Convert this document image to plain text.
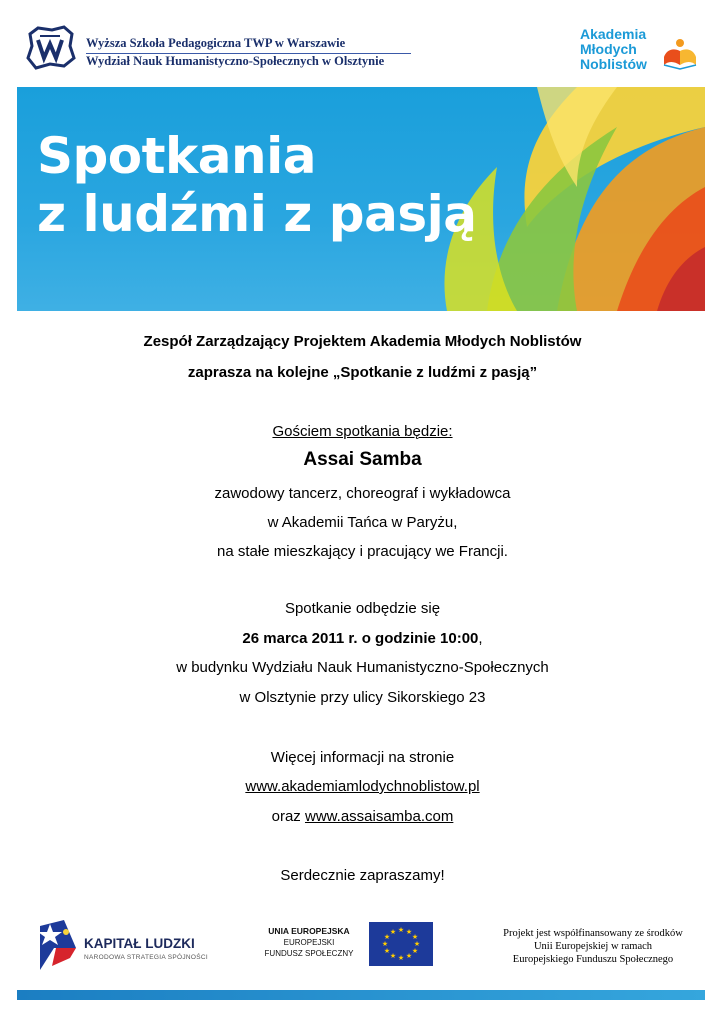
Wyższa Szkoła Pedagogiczna TWP w Warszawie
Wydział Nauk Humanistyczno-Społecznych w Olsztynie
Akademia
Młodych
Noblistów
Spotkania
z ludźmi z pasją
Zespół Zarządzający Projektem Akademia Młodych Noblistów
zaprasza na kolejne „Spotkanie z ludźmi z pasją”
Gościem spotkania będzie:
Assai Samba
zawodowy tancerz, choreograf i wykładowca
w Akademii Tańca w Paryżu,
na stałe mieszkający i pracujący we Francji.
Spotkanie odbędzie się
26 marca 2011 r. o godzinie 10:00,
w budynku Wydziału Nauk Humanistyczno-Społecznych
w Olsztynie przy ulicy Sikorskiego 23
Więcej informacji na stronie
www.akademiamlodychnoblistow.pl
oraz www.assaisamba.com
Serdecznie zapraszamy!
KAPITAŁ LUDZKI
NARODOWA STRATEGIA SPÓJNOŚCI
UNIA EUROPEJSKA
EUROPEJSKI
FUNDUSZ SPOŁECZNY
★ ★
★
★
★
★
★
★
★
★
★
★	Projekt jest współfinansowany ze środków
Unii Europejskiej w ramach
Europejskiego Funduszu Społecznego
